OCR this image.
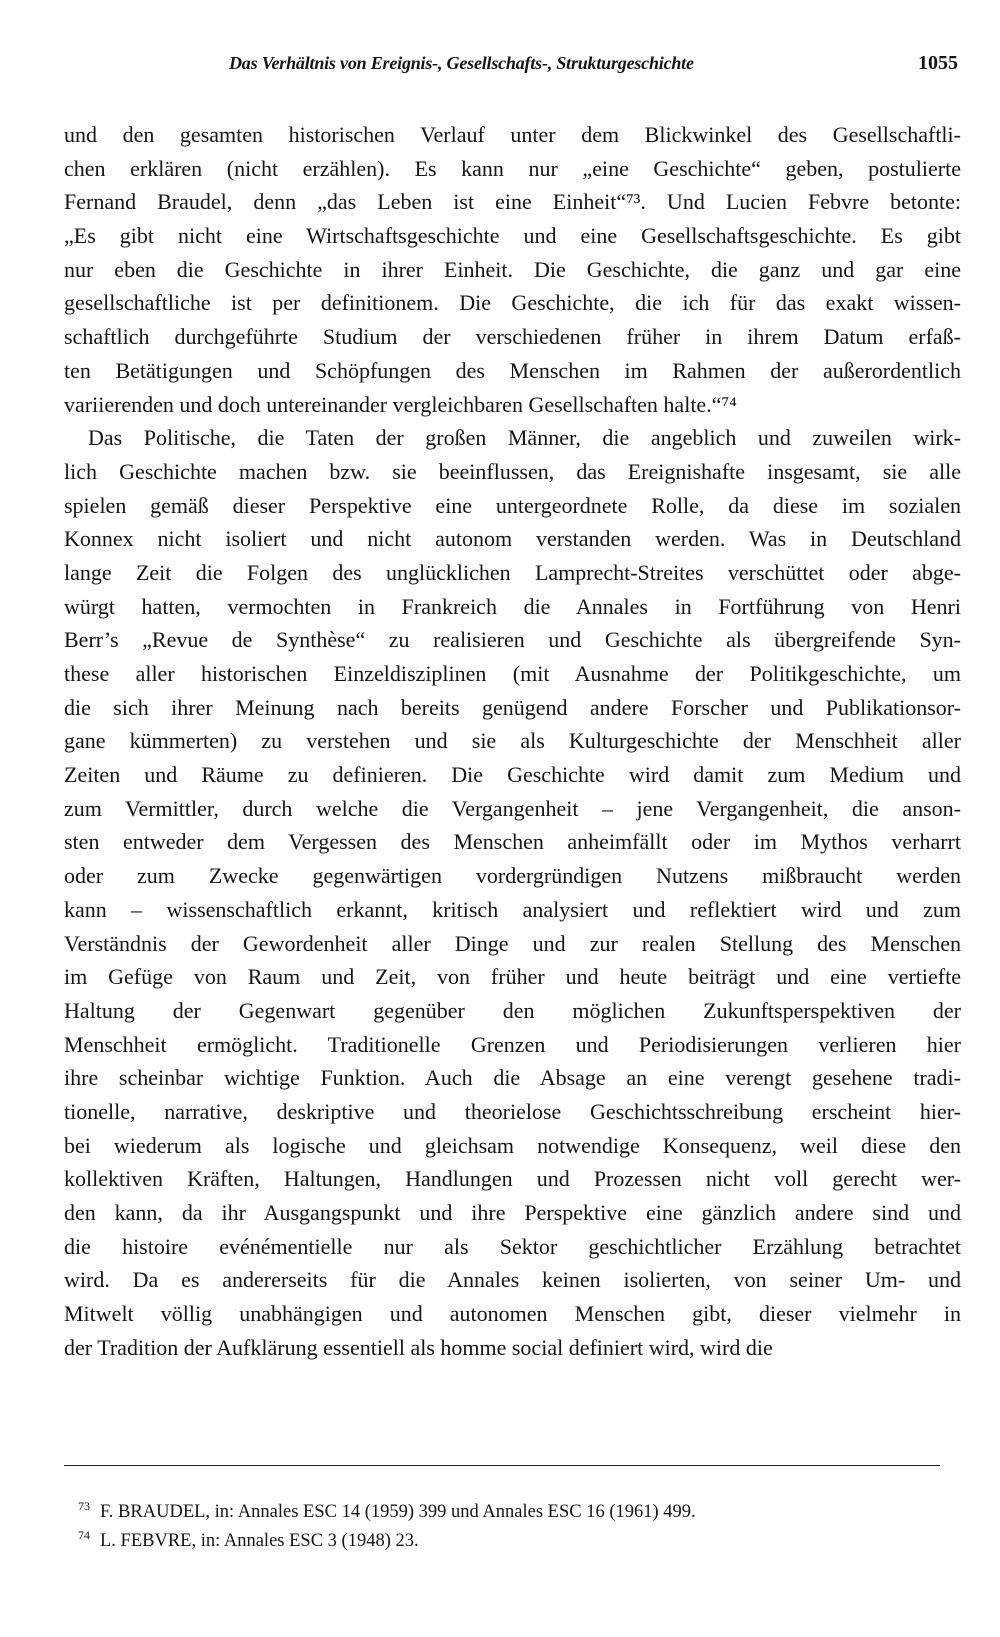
Das Verhältnis von Ereignis-, Gesellschafts-, Strukturgeschichte	1055
und den gesamten historischen Verlauf unter dem Blickwinkel des Gesellschaftli-
chen erklären (nicht erzählen). Es kann nur „eine Geschichte“ geben, postulierte
Fernand Braudel, denn „das Leben ist eine Einheit“⁷³. Und Lucien Febvre betonte:
„Es gibt nicht eine Wirtschaftsgeschichte und eine Gesellschaftsgeschichte. Es gibt
nur eben die Geschichte in ihrer Einheit. Die Geschichte, die ganz und gar eine
gesellschaftliche ist per definitionem. Die Geschichte, die ich für das exakt wissen-
schaftlich durchgeführte Studium der verschiedenen früher in ihrem Datum erfaß-
ten Betätigungen und Schöpfungen des Menschen im Rahmen der außerordentlich
variierenden und doch untereinander vergleichbaren Gesellschaften halte.“⁷⁴
Das Politische, die Taten der großen Männer, die angeblich und zuweilen wirk-
lich Geschichte machen bzw. sie beeinflussen, das Ereignishafte insgesamt, sie alle
spielen gemäß dieser Perspektive eine untergeordnete Rolle, da diese im sozialen
Konnex nicht isoliert und nicht autonom verstanden werden. Was in Deutschland
lange Zeit die Folgen des unglücklichen Lamprecht-Streites verschüttet oder abge-
würgt hatten, vermochten in Frankreich die Annales in Fortführung von Henri
Berr’s „Revue de Synthèse“ zu realisieren und Geschichte als übergreifende Syn-
these aller historischen Einzeldisziplinen (mit Ausnahme der Politikgeschichte, um
die sich ihrer Meinung nach bereits genügend andere Forscher und Publikationsor-
gane kümmerten) zu verstehen und sie als Kulturgeschichte der Menschheit aller
Zeiten und Räume zu definieren. Die Geschichte wird damit zum Medium und
zum Vermittler, durch welche die Vergangenheit – jene Vergangenheit, die anson-
sten entweder dem Vergessen des Menschen anheimfällt oder im Mythos verharrt
oder zum Zwecke gegenwärtigen vordergründigen Nutzens mißbraucht werden
kann – wissenschaftlich erkannt, kritisch analysiert und reflektiert wird und zum
Verständnis der Gewordenheit aller Dinge und zur realen Stellung des Menschen
im Gefüge von Raum und Zeit, von früher und heute beiträgt und eine vertiefte
Haltung der Gegenwart gegenüber den möglichen Zukunftsperspektiven der
Menschheit ermöglicht. Traditionelle Grenzen und Periodisierungen verlieren hier
ihre scheinbar wichtige Funktion. Auch die Absage an eine verengt gesehene tradi-
tionelle, narrative, deskriptive und theorielose Geschichtsschreibung erscheint hier-
bei wiederum als logische und gleichsam notwendige Konsequenz, weil diese den
kollektiven Kräften, Haltungen, Handlungen und Prozessen nicht voll gerecht wer-
den kann, da ihr Ausgangspunkt und ihre Perspektive eine gänzlich andere sind und
die histoire evénémentielle nur als Sektor geschichtlicher Erzählung betrachtet
wird. Da es andererseits für die Annales keinen isolierten, von seiner Um- und
Mitwelt völlig unabhängigen und autonomen Menschen gibt, dieser vielmehr in
der Tradition der Aufklärung essentiell als homme social definiert wird, wird die
$^{73}$ F. BRAUDEL, in: Annales ESC 14 (1959) 399 und Annales ESC 16 (1961) 499.
$^{74}$ L. FEBVRE, in: Annales ESC 3 (1948) 23.
